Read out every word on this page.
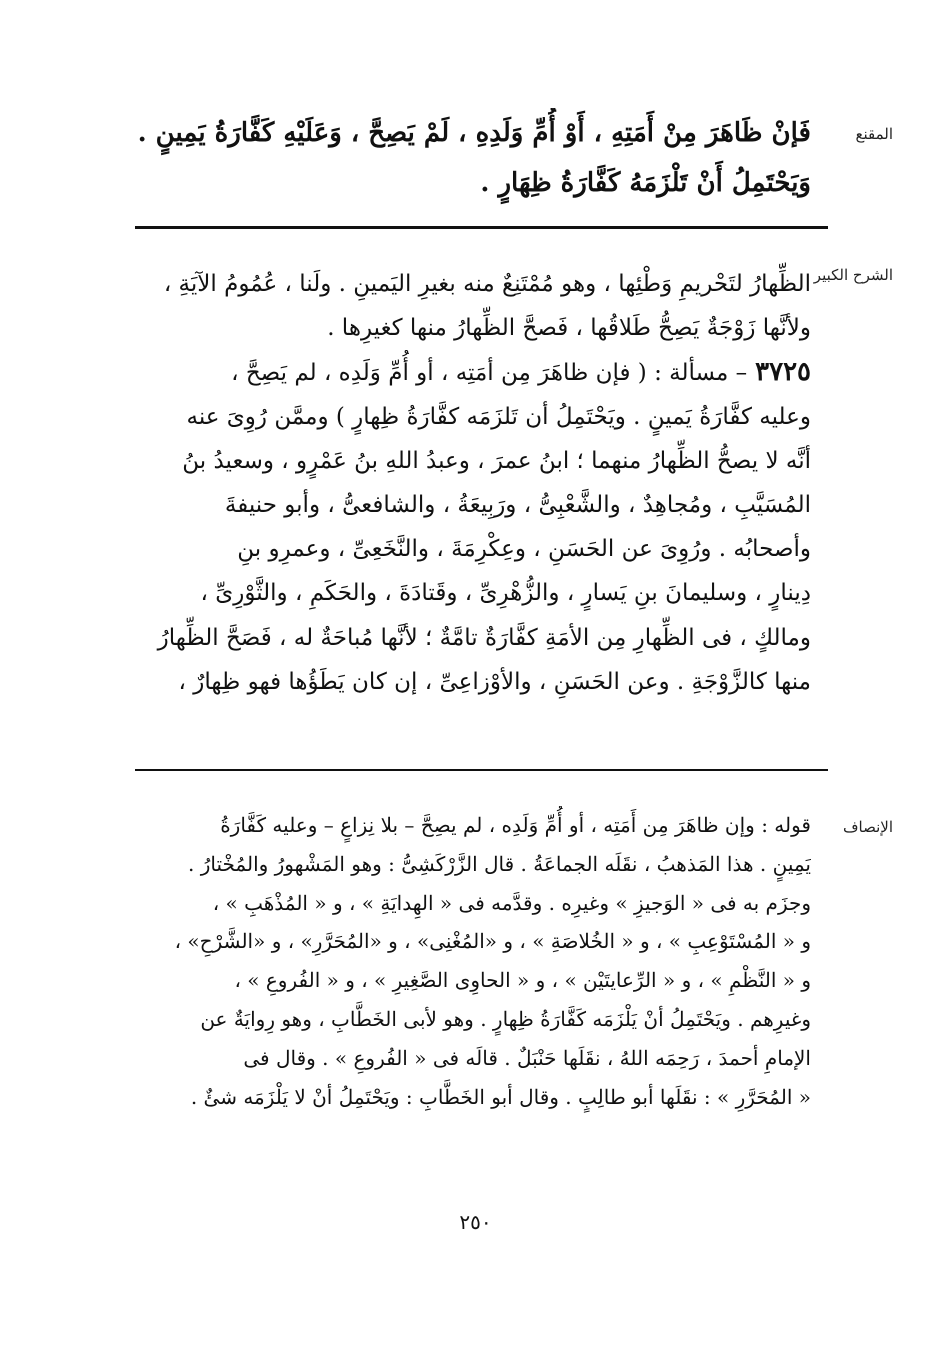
المقنع
فَإنْ ظَاهَرَ مِنْ أَمَتِهِ ، أَوْ أُمِّ وَلَدِهِ ، لَمْ يَصِحَّ ، وَعَلَيْهِ كَفَّارَةُ يَمِينٍ .
وَيَحْتَمِلُ أَنْ تَلْزَمَهُ كَفَّارَةُ ظِهَارٍ .
الشرح الكبير
الظِّهارُ لتَحْريمِ وَطْئِها ، وهو مُمْتَنِعٌ منه بغيرِ اليَمينِ . ولَنا ، عُمُومُ الآيَةِ ،
ولأنَّها زَوْجَةٌ يَصِحُّ طَلاقُها ، فَصحَّ الظِّهارُ منها كغيرِها .
٣٧٢٥– مسألة : ( فإن ظاهَرَ مِن أمَتِه ، أو أُمِّ وَلَدِه ، لم يَصِحَّ ،
وعليه كفَّارَةُ يَمينٍ . ويَحْتَمِلُ أن تَلزَمَه كفَّارَةُ ظِهارٍ ) وممَّن رُوِىَ عنه
أنَّه لا يصحُّ الظِّهارُ منهما ؛ ابنُ عمرَ ، وعبدُ اللهِ بنُ عَمْرٍو ، وسعيدُ بنُ
المُسَيَّبِ ، ومُجاهِدٌ ، والشَّعْبِىُّ ، ورَبِيعَةُ ، والشافعىُّ ، وأبو حنيفةَ
وأصحابُه . ورُوِىَ عن الحَسَنِ ، وعِكْرِمَةَ ، والنَّخَعِىِّ ، وعمرِو بنِ
دِينارٍ ، وسليمانَ بنِ يَسارٍ ، والزُّهْرِىِّ ، وقَتادَةَ ، والحَكَمِ ، والثَّوْرِىِّ ،
ومالكٍ ، فى الظِّهارِ مِن الأمَةِ كفَّارَةٌ تامَّةٌ ؛ لأنَّها مُباحَةٌ له ، فَصَحَّ الظِّهارُ
منها كالزَّوْجَةِ . وعن الحَسَنِ ، والأوْزاعِىِّ ، إن كان يَطَؤُها فهو ظِهارٌ ،
الإنصاف
قوله : وإن ظاهَرَ مِن أَمَتِه ، أو أُمِّ وَلَدِه ، لم يصِحَّ – بلا نِزاعٍ – وعليه كَفَّارَةُ
يَمِينٍ . هذا المَذهبُ ، نقَلَه الجماعَةُ . قال الزَّرْكَشِىُّ : وهو المَشْهورُ والمُخْتارُ .
وجزَم به فى « الوَجيزِ » وغيرِه . وقدَّمه فى « الهِدايَةِ » ، و « المُذْهَبِ » ،
و « المُسْتَوْعِبِ » ، و « الخُلاصَةِ » ، و «المُغْنِى» ، و «المُحَرَّرِ» ، و «الشَّرْحِ» ،
و « النَّظْمِ » ، و « الرِّعايتَيْن » ، و « الحاوِى الصَّغِيرِ » ، و « الفُروعِ » ،
وغيرِهم . ويَحْتَمِلُ أنْ يَلْزَمَه كَفَّارَةُ ظِهارٍ . وهو لأبى الخَطَّابِ ، وهو رِوايَةٌ عن
الإمامِ أحمدَ ، رَحِمَه اللهُ ، نقَلَها حَنْبَلٌ . قالَه فى « الفُروعِ » . وقال فى
« المُحَرَّرِ » : نقَلَها أبو طالِبٍ . وقال أبو الخَطَّابِ : ويَحْتَمِلُ أنْ لا يَلْزَمَه شئٌ .
٢٥٠
